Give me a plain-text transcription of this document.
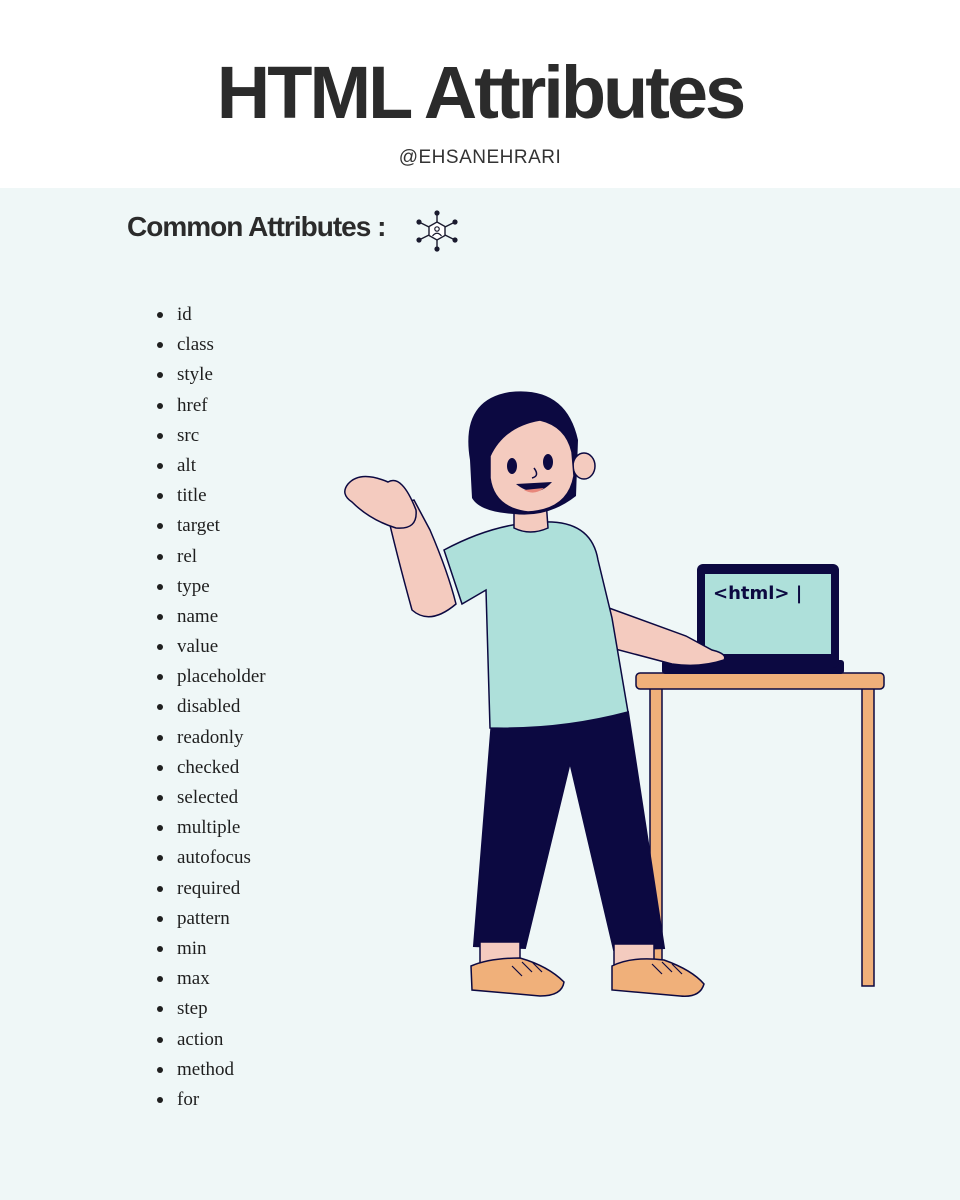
HTML Attributes
@EHSANEHRARI
Common Attributes :
id
class
style
href
src
alt
title
target
rel
type
name
value
placeholder
disabled
readonly
checked
selected
multiple
autofocus
required
pattern
min
max
step
action
method
for
<html> |
